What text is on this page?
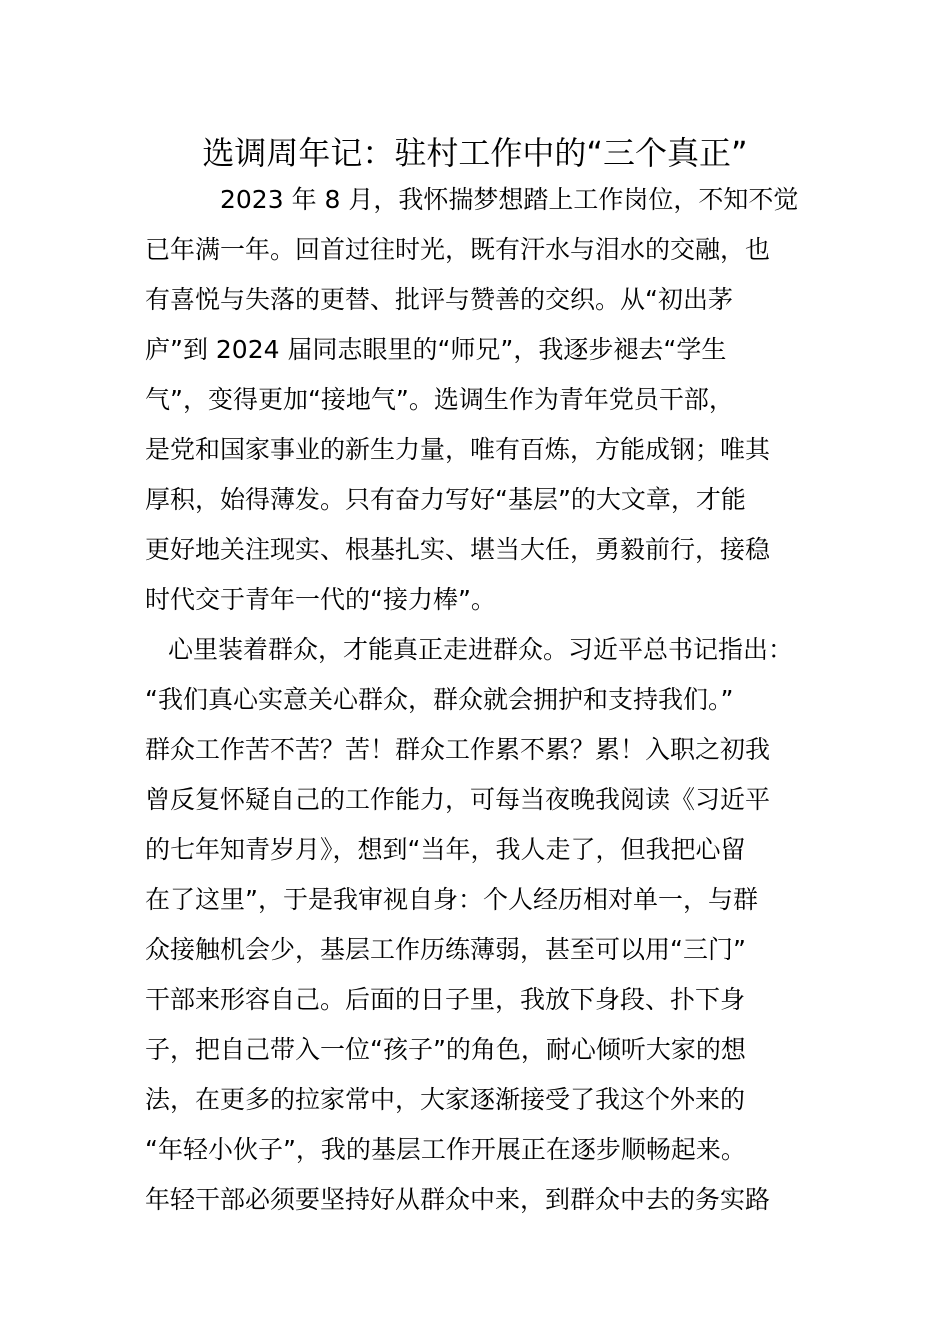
选调周年记：驻村工作中的“三个真正”
2023 年 8 月，我怀揣梦想踏上工作岗位，不知不觉
已年满一年。回首过往时光，既有汗水与泪水的交融，也
有喜悦与失落的更替、批评与赞善的交织。从“初出茅
庐”到 2024 届同志眼里的“师兄”，我逐步褪去“学生
气”，变得更加“接地气”。选调生作为青年党员干部，
是党和国家事业的新生力量，唯有百炼，方能成钢；唯其
厚积，始得薄发。只有奋力写好“基层”的大文章，才能
更好地关注现实、根基扎实、堪当大任，勇毅前行，接稳
时代交于青年一代的“接力棒”。
心里装着群众，才能真正走进群众。习近平总书记指出：
“我们真心实意关心群众，群众就会拥护和支持我们。”
群众工作苦不苦？苦！群众工作累不累？累！入职之初我
曾反复怀疑自己的工作能力，可每当夜晚我阅读《习近平
的七年知青岁月》，想到“当年，我人走了，但我把心留
在了这里”，于是我审视自身：个人经历相对单一，与群
众接触机会少，基层工作历练薄弱，甚至可以用“三门”
干部来形容自己。后面的日子里，我放下身段、扑下身
子，把自己带入一位“孩子”的角色，耐心倾听大家的想
法，在更多的拉家常中，大家逐渐接受了我这个外来的
“年轻小伙子”，我的基层工作开展正在逐步顺畅起来。
年轻干部必须要坚持好从群众中来，到群众中去的务实路
